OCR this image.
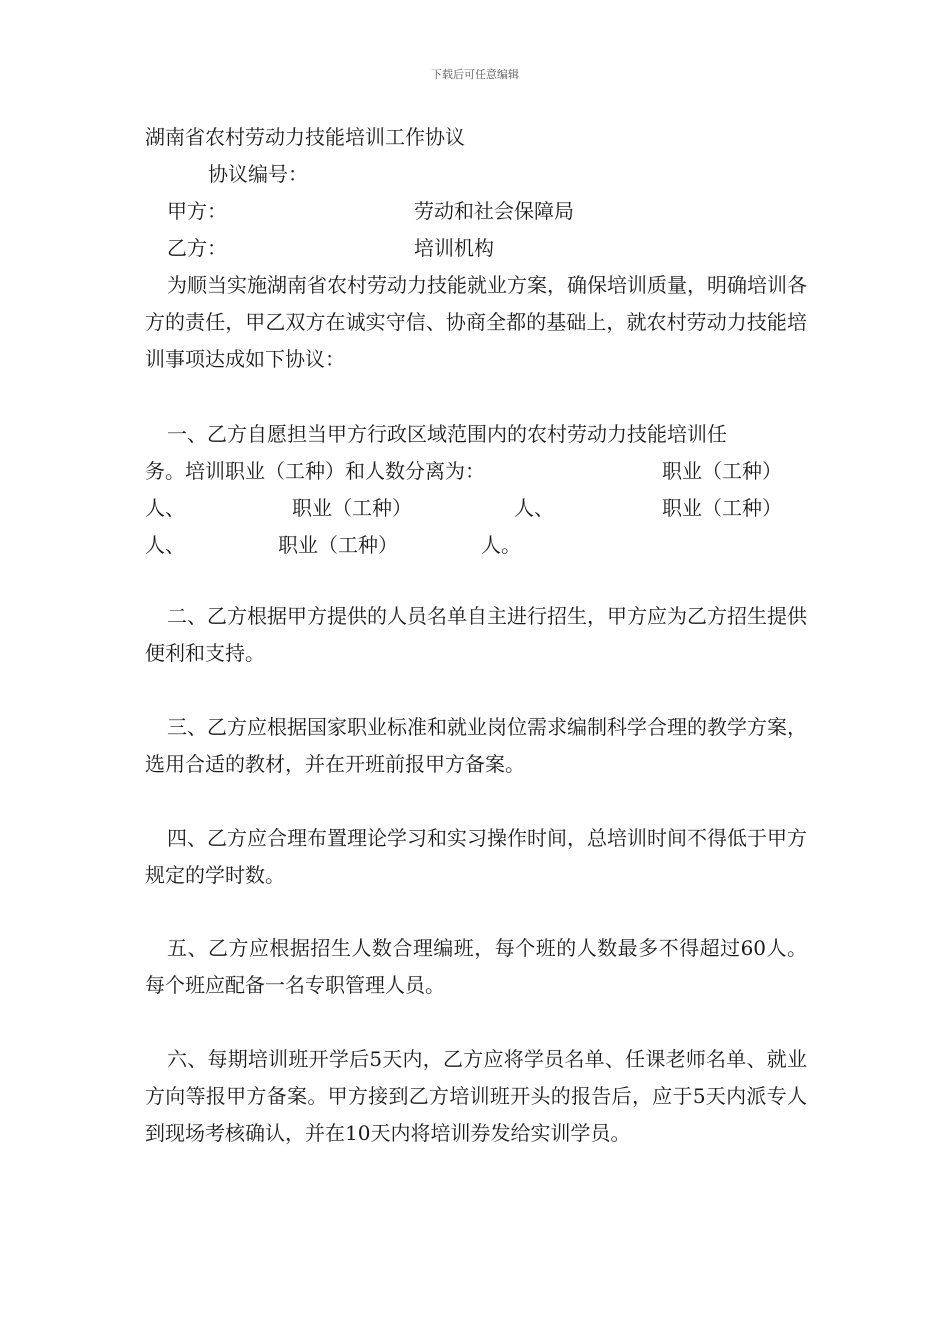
下载后可任意编辑
湖南省农村劳动力技能培训工作协议
协议编号：
甲方：	劳动和社会保障局
乙方：	培训机构
为顺当实施湖南省农村劳动力技能就业方案，确保培训质量，明确培训各方的责任，甲乙双方在诚实守信、协商全都的基础上，就农村劳动力技能培训事项达成如下协议：
一、乙方自愿担当甲方行政区域范围内的农村劳动力技能培训任
务。培训职业（工种）和人数分离为：	职业（工种）
人、	职业（工种）	人、	职业（工种）
人、	职业（工种）	人。
二、乙方根据甲方提供的人员名单自主进行招生，甲方应为乙方招生提供便利和支持。
三、乙方应根据国家职业标准和就业岗位需求编制科学合理的教学方案，选用合适的教材，并在开班前报甲方备案。
四、乙方应合理布置理论学习和实习操作时间，总培训时间不得低于甲方规定的学时数。
五、乙方应根据招生人数合理编班，每个班的人数最多不得超过60人。每个班应配备一名专职管理人员。
六、每期培训班开学后5天内，乙方应将学员名单、任课老师名单、就业方向等报甲方备案。甲方接到乙方培训班开头的报告后，应于5天内派专人到现场考核确认，并在10天内将培训券发给实训学员。
